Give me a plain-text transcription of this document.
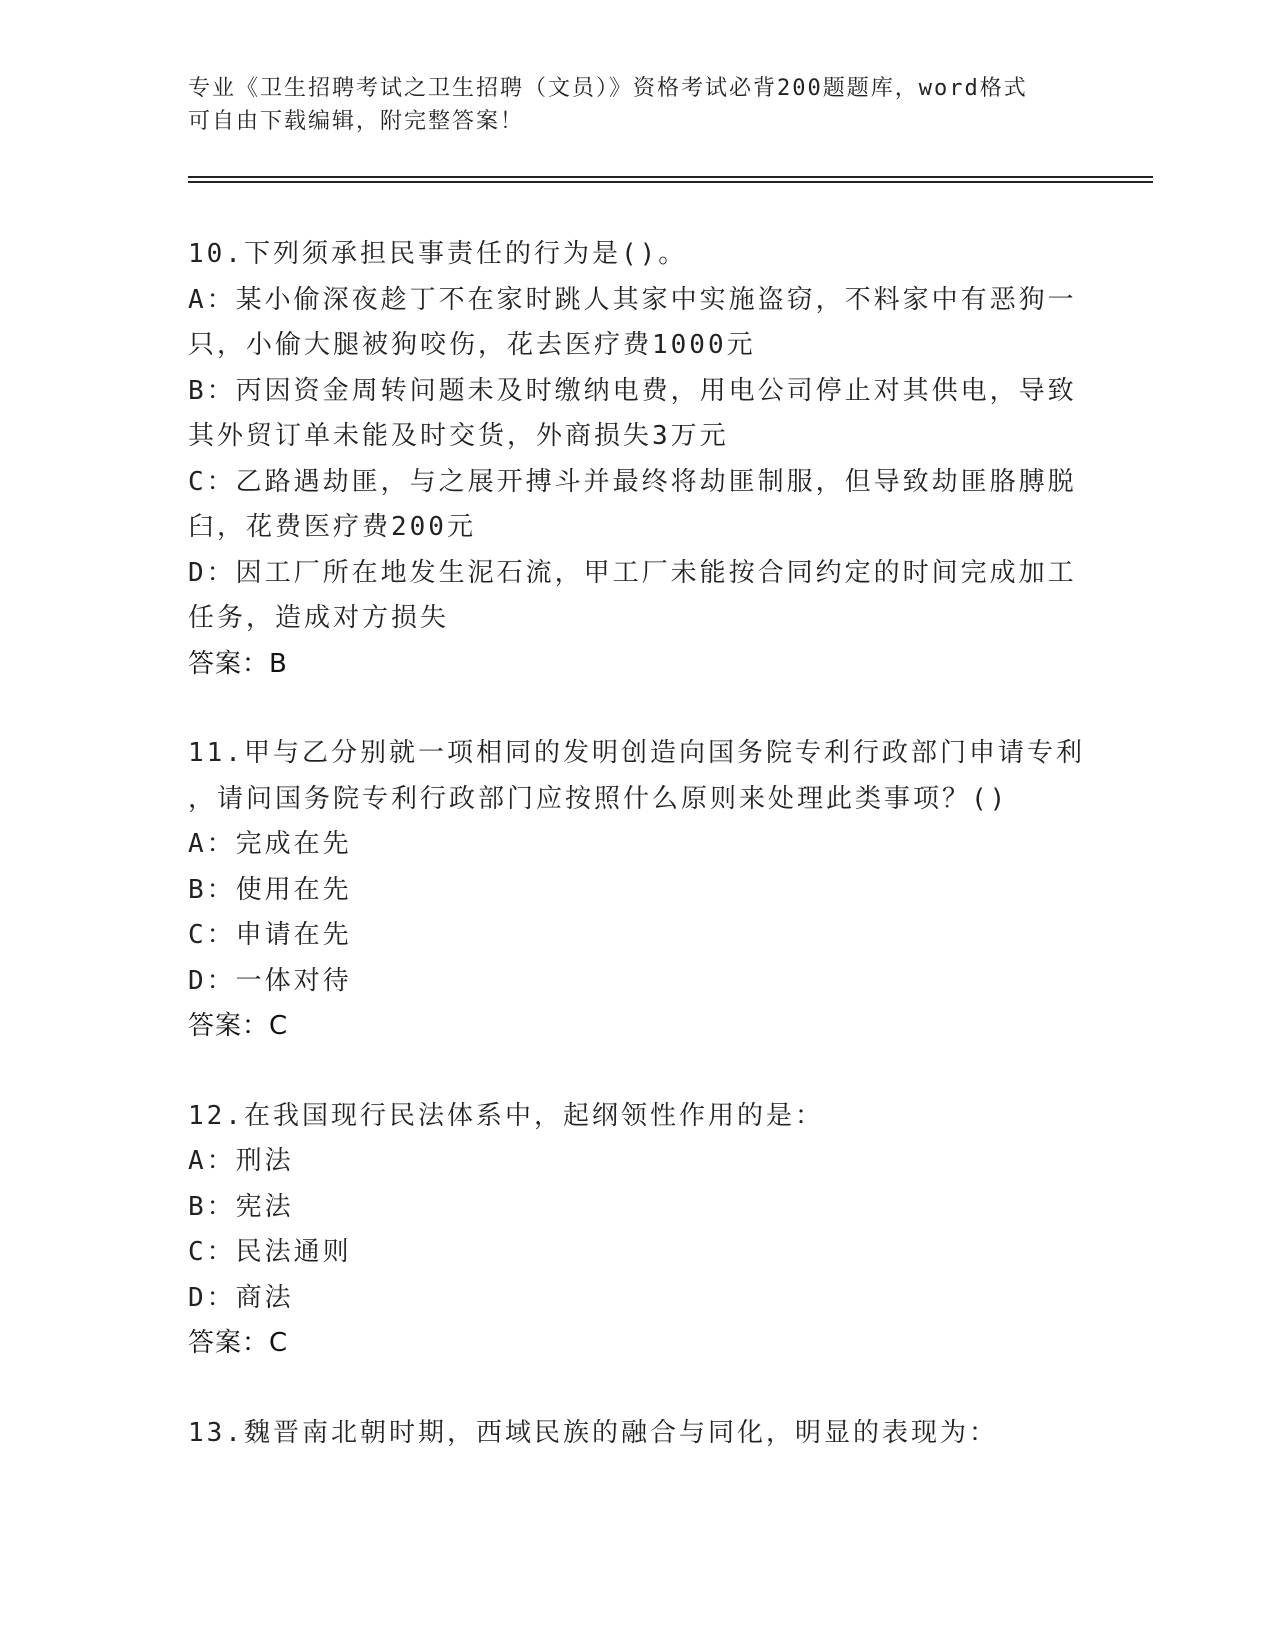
专业《卫生招聘考试之卫生招聘（文员）》资格考试必背200题题库，word格式
可自由下载编辑，附完整答案！
10.下列须承担民事责任的行为是()。
A：某小偷深夜趁丁不在家时跳人其家中实施盗窃，不料家中有恶狗一
只，小偷大腿被狗咬伤，花去医疗费1000元
B：丙因资金周转问题未及时缴纳电费，用电公司停止对其供电，导致
其外贸订单未能及时交货，外商损失3万元
C：乙路遇劫匪，与之展开搏斗并最终将劫匪制服，但导致劫匪胳膊脱
臼，花费医疗费200元
D：因工厂所在地发生泥石流，甲工厂未能按合同约定的时间完成加工
任务，造成对方损失
答案：B
11.甲与乙分别就一项相同的发明创造向国务院专利行政部门申请专利
，请问国务院专利行政部门应按照什么原则来处理此类事项？()
A：完成在先
B：使用在先
C：申请在先
D：一体对待
答案：C
12.在我国现行民法体系中，起纲领性作用的是：
A：刑法
B：宪法
C：民法通则
D：商法
答案：C
13.魏晋南北朝时期，西域民族的融合与同化，明显的表现为：
